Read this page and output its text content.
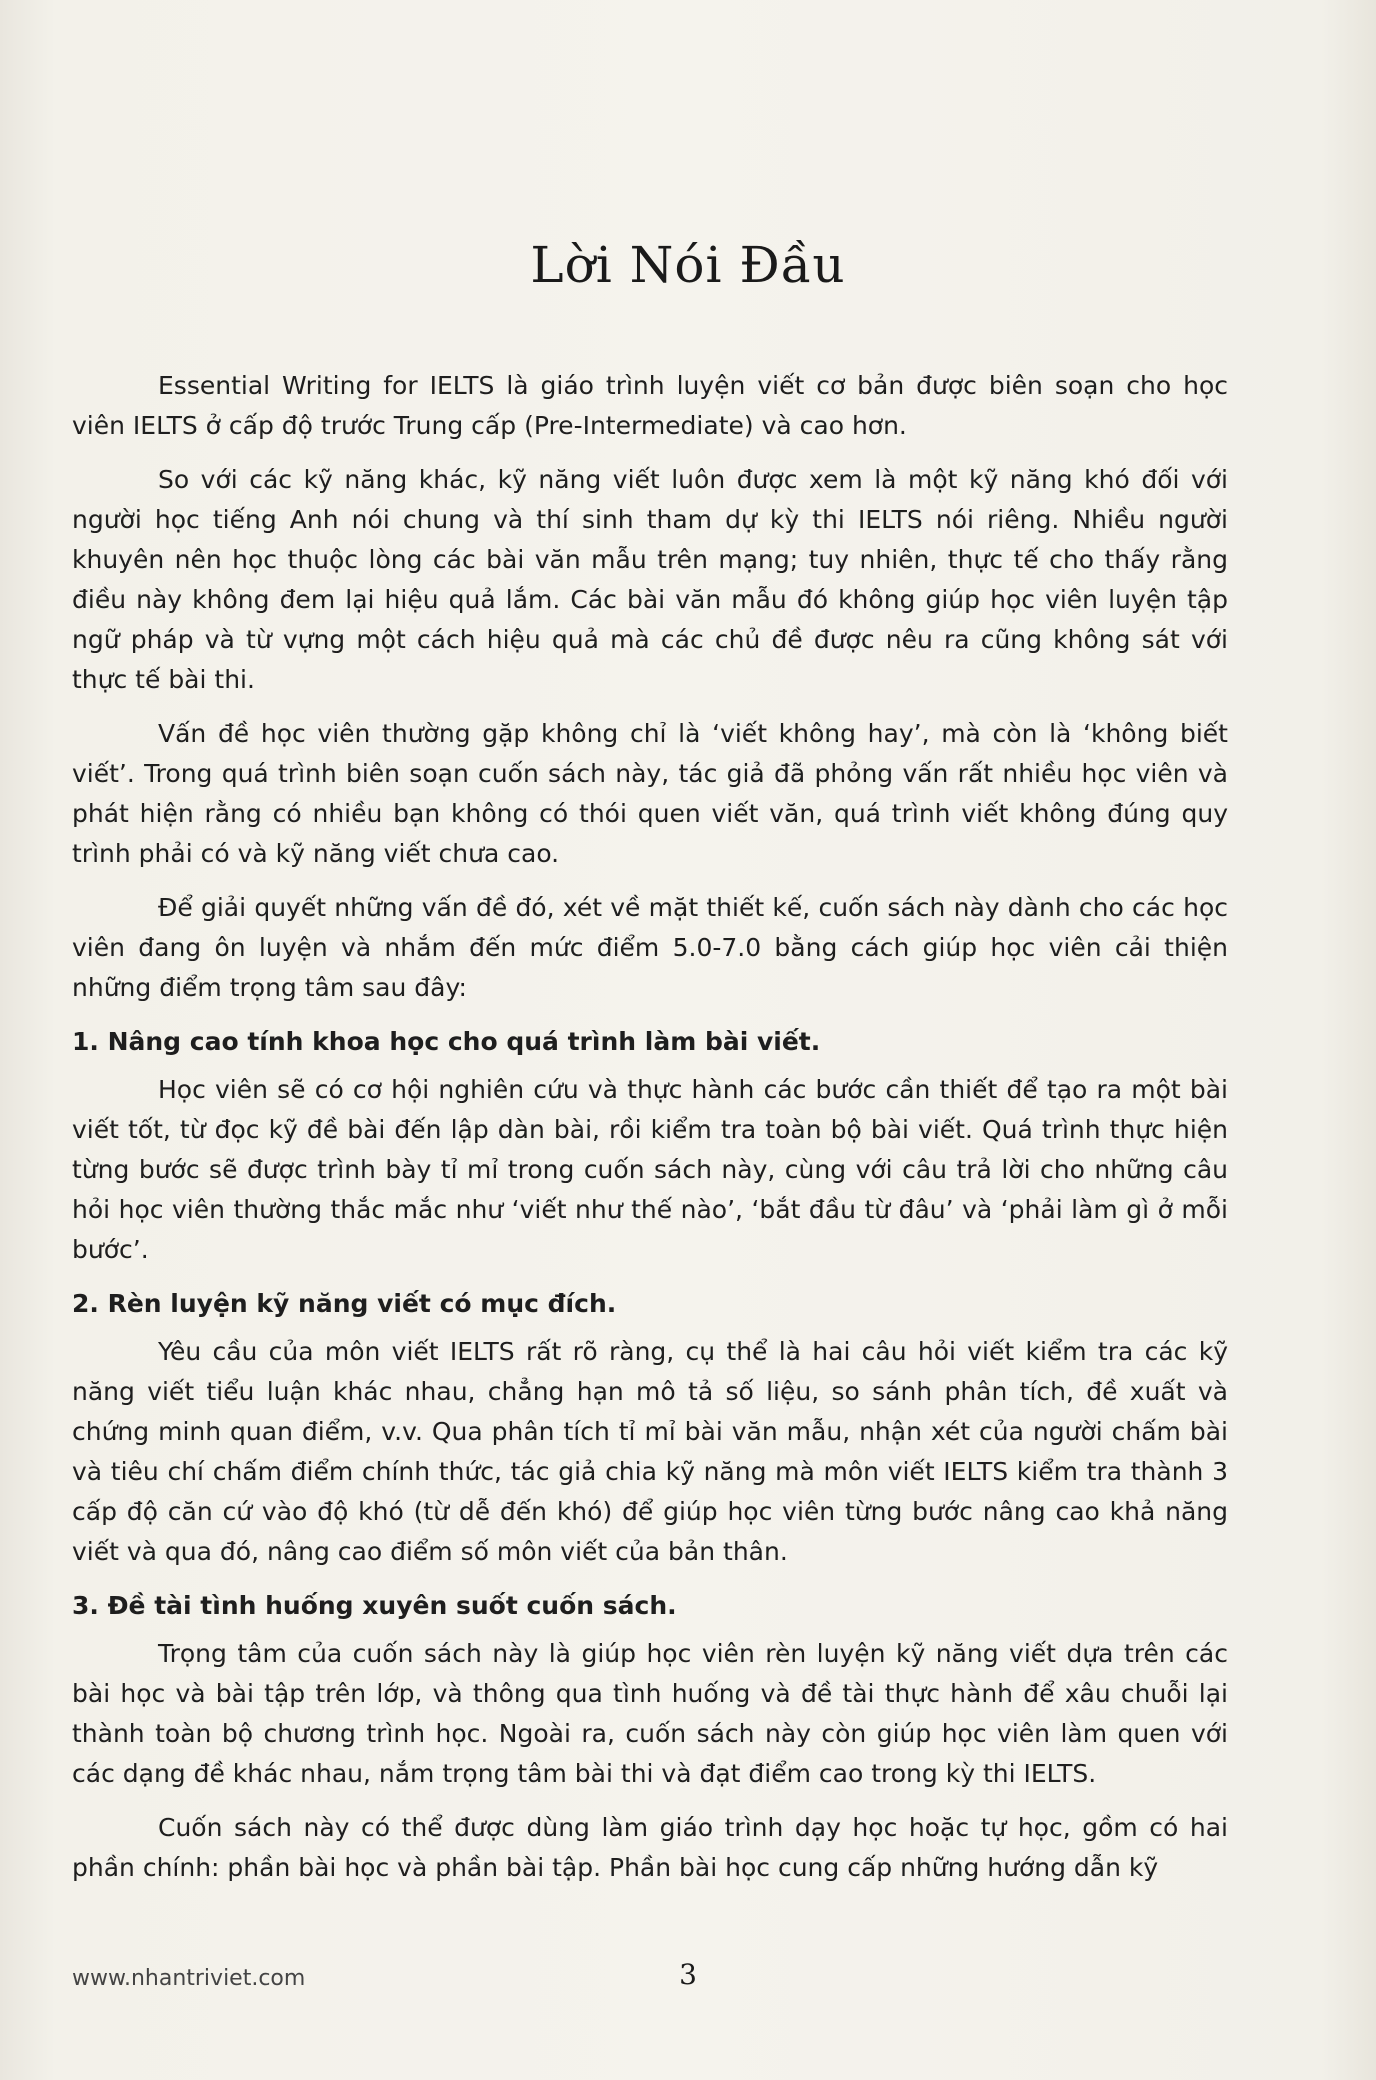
Lời Nói Đầu

Essential Writing for IELTS là giáo trình luyện viết cơ bản được biên soạn cho học viên IELTS ở cấp độ trước Trung cấp (Pre-Intermediate) và cao hơn.

So với các kỹ năng khác, kỹ năng viết luôn được xem là một kỹ năng khó đối với người học tiếng Anh nói chung và thí sinh tham dự kỳ thi IELTS nói riêng. Nhiều người khuyên nên học thuộc lòng các bài văn mẫu trên mạng; tuy nhiên, thực tế cho thấy rằng điều này không đem lại hiệu quả lắm. Các bài văn mẫu đó không giúp học viên luyện tập ngữ pháp và từ vựng một cách hiệu quả mà các chủ đề được nêu ra cũng không sát với thực tế bài thi.

Vấn đề học viên thường gặp không chỉ là ‘viết không hay’, mà còn là ‘không biết viết’. Trong quá trình biên soạn cuốn sách này, tác giả đã phỏng vấn rất nhiều học viên và phát hiện rằng có nhiều bạn không có thói quen viết văn, quá trình viết không đúng quy trình phải có và kỹ năng viết chưa cao.

Để giải quyết những vấn đề đó, xét về mặt thiết kế, cuốn sách này dành cho các học viên đang ôn luyện và nhắm đến mức điểm 5.0-7.0 bằng cách giúp học viên cải thiện những điểm trọng tâm sau đây:

1. Nâng cao tính khoa học cho quá trình làm bài viết.

Học viên sẽ có cơ hội nghiên cứu và thực hành các bước cần thiết để tạo ra một bài viết tốt, từ đọc kỹ đề bài đến lập dàn bài, rồi kiểm tra toàn bộ bài viết. Quá trình thực hiện từng bước sẽ được trình bày tỉ mỉ trong cuốn sách này, cùng với câu trả lời cho những câu hỏi học viên thường thắc mắc như ‘viết như thế nào’, ‘bắt đầu từ đâu’ và ‘phải làm gì ở mỗi bước’.

2. Rèn luyện kỹ năng viết có mục đích.

Yêu cầu của môn viết IELTS rất rõ ràng, cụ thể là hai câu hỏi viết kiểm tra các kỹ năng viết tiểu luận khác nhau, chẳng hạn mô tả số liệu, so sánh phân tích, đề xuất và chứng minh quan điểm, v.v. Qua phân tích tỉ mỉ bài văn mẫu, nhận xét của người chấm bài và tiêu chí chấm điểm chính thức, tác giả chia kỹ năng mà môn viết IELTS kiểm tra thành 3 cấp độ căn cứ vào độ khó (từ dễ đến khó) để giúp học viên từng bước nâng cao khả năng viết và qua đó, nâng cao điểm số môn viết của bản thân.

3. Đề tài tình huống xuyên suốt cuốn sách.

Trọng tâm của cuốn sách này là giúp học viên rèn luyện kỹ năng viết dựa trên các bài học và bài tập trên lớp, và thông qua tình huống và đề tài thực hành để xâu chuỗi lại thành toàn bộ chương trình học. Ngoài ra, cuốn sách này còn giúp học viên làm quen với các dạng đề khác nhau, nắm trọng tâm bài thi và đạt điểm cao trong kỳ thi IELTS.

Cuốn sách này có thể được dùng làm giáo trình dạy học hoặc tự học, gồm có hai phần chính: phần bài học và phần bài tập. Phần bài học cung cấp những hướng dẫn kỹ

www.nhantriviet.com	3
